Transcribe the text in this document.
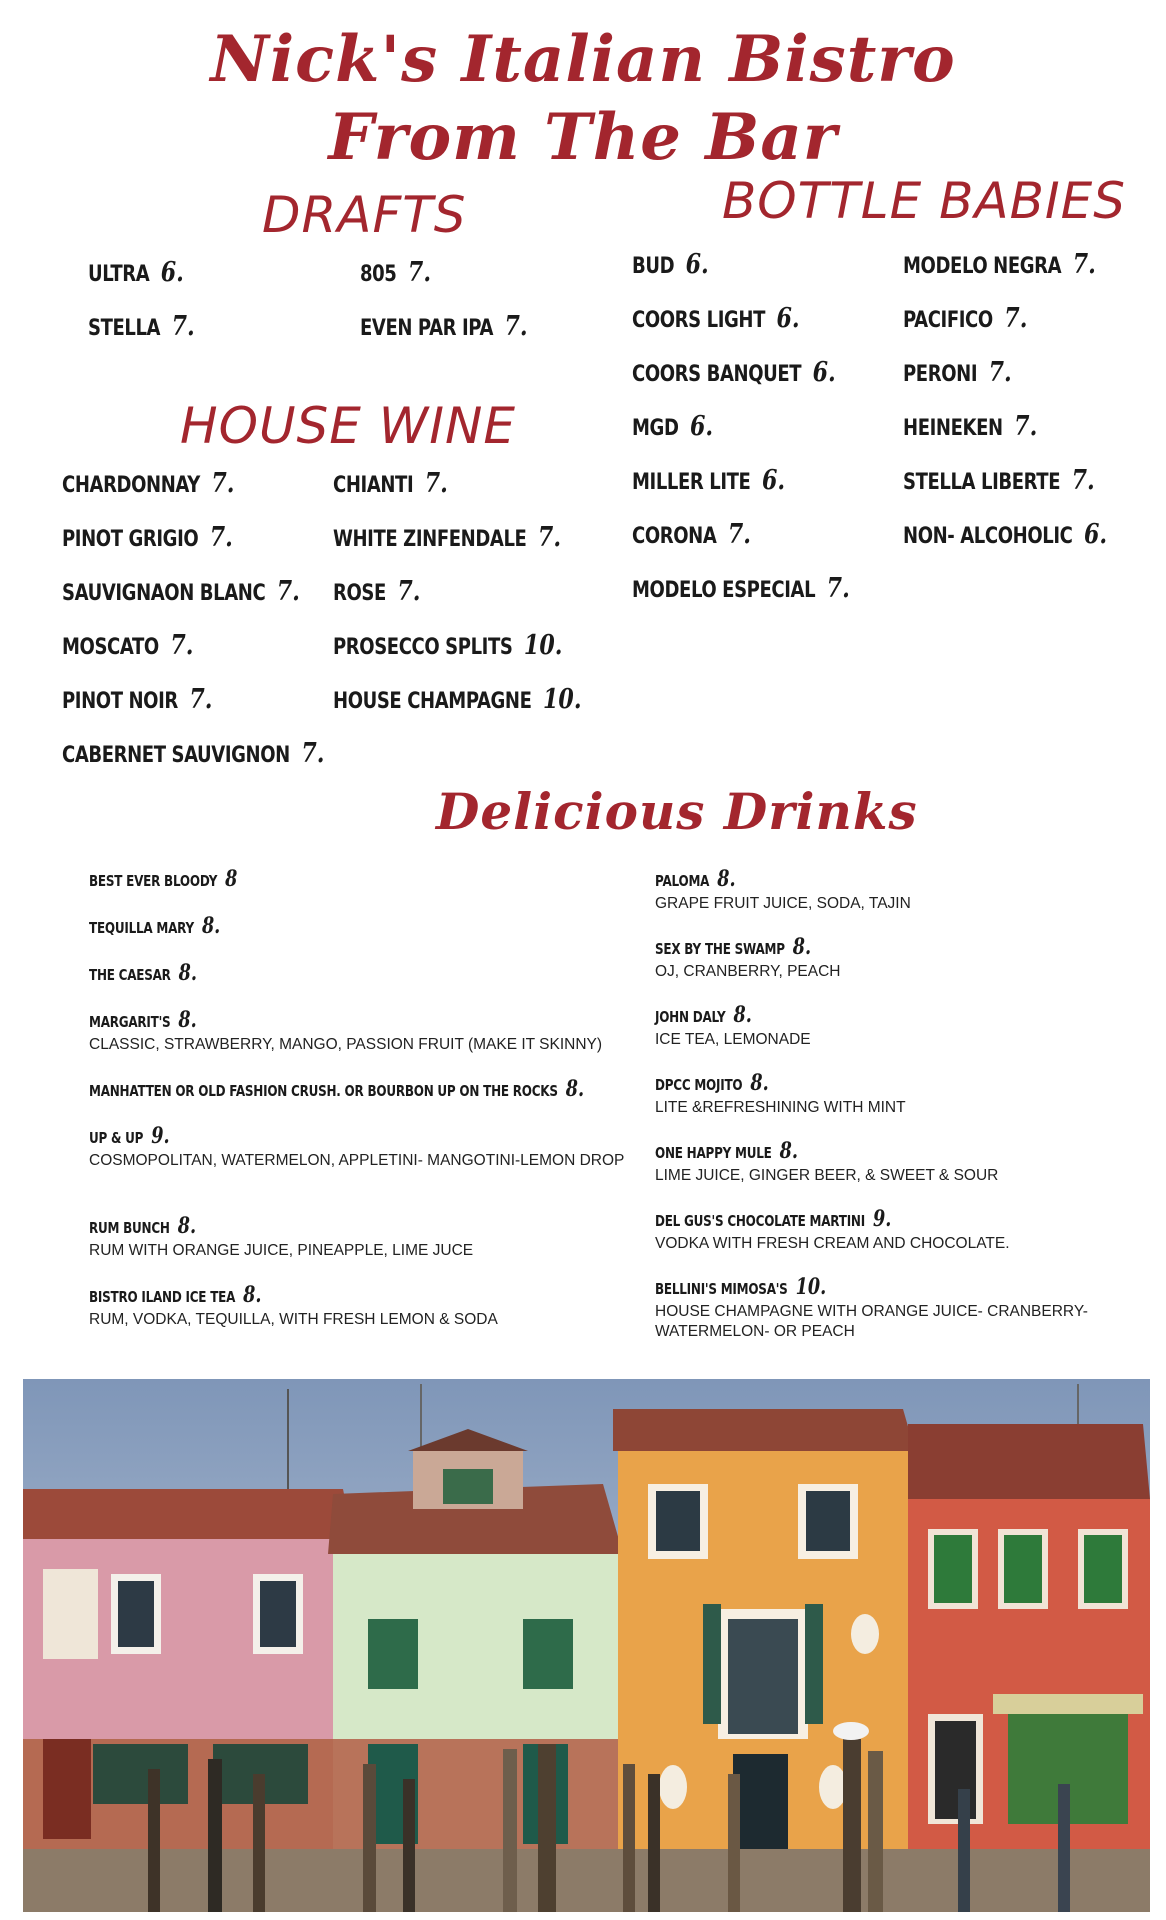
Nick's Italian Bistro
From The Bar
DRAFTS
HOUSE WINE
BOTTLE BABIES
Delicious Drinks
ULTRA 6.	805 7.
STELLA 7.	EVEN PAR IPA 7.
CHARDONNAY 7.	CHIANTI 7.
PINOT GRIGIO 7.	WHITE ZINFENDALE 7.
SAUVIGNAON BLANC 7. ROSE 7.
MOSCATO 7.	PROSECCO SPLITS 10.
PINOT NOIR 7.	HOUSE CHAMPAGNE 10.
CABERNET SAUVIGNON 7.
BUD 6.	MODELO NEGRA 7.
COORS LIGHT 6.	PACIFICO 7.
COORS BANQUET 6.	PERONI 7.
MGD 6.	HEINEKEN 7.
MILLER LITE 6.	STELLA LIBERTE 7.
CORONA 7.	NON- ALCOHOLIC 6.
MODELO ESPECIAL 7.
BEST EVER BLOODY 8
TEQUILLA MARY 8.
THE CAESAR 8.
MARGARIT'S 8.
CLASSIC, STRAWBERRY, MANGO, PASSION FRUIT (MAKE IT SKINNY)
MANHATTEN OR OLD FASHION CRUSH. OR BOURBON UP ON THE ROCKS 8.
UP & UP 9.
COSMOPOLITAN, WATERMELON, APPLETINI- MANGOTINI-LEMON DROP
RUM BUNCH 8.
RUM WITH ORANGE JUICE, PINEAPPLE, LIME JUCE
BISTRO ILAND ICE TEA 8.
RUM, VODKA, TEQUILLA, WITH FRESH LEMON & SODA
PALOMA 8.
GRAPE FRUIT JUICE, SODA, TAJIN
SEX BY THE SWAMP 8.
OJ, CRANBERRY, PEACH
JOHN DALY 8.
ICE TEA, LEMONADE
DPCC MOJITO 8.
LITE &REFRESHINING WITH MINT
ONE HAPPY MULE 8.
LIME JUICE, GINGER BEER, & SWEET & SOUR
DEL GUS'S CHOCOLATE MARTINI 9.
VODKA WITH FRESH CREAM AND CHOCOLATE.
BELLINI'S MIMOSA'S 10.
HOUSE CHAMPAGNE WITH ORANGE JUICE- CRANBERRY-WATERMELON- OR PEACH
